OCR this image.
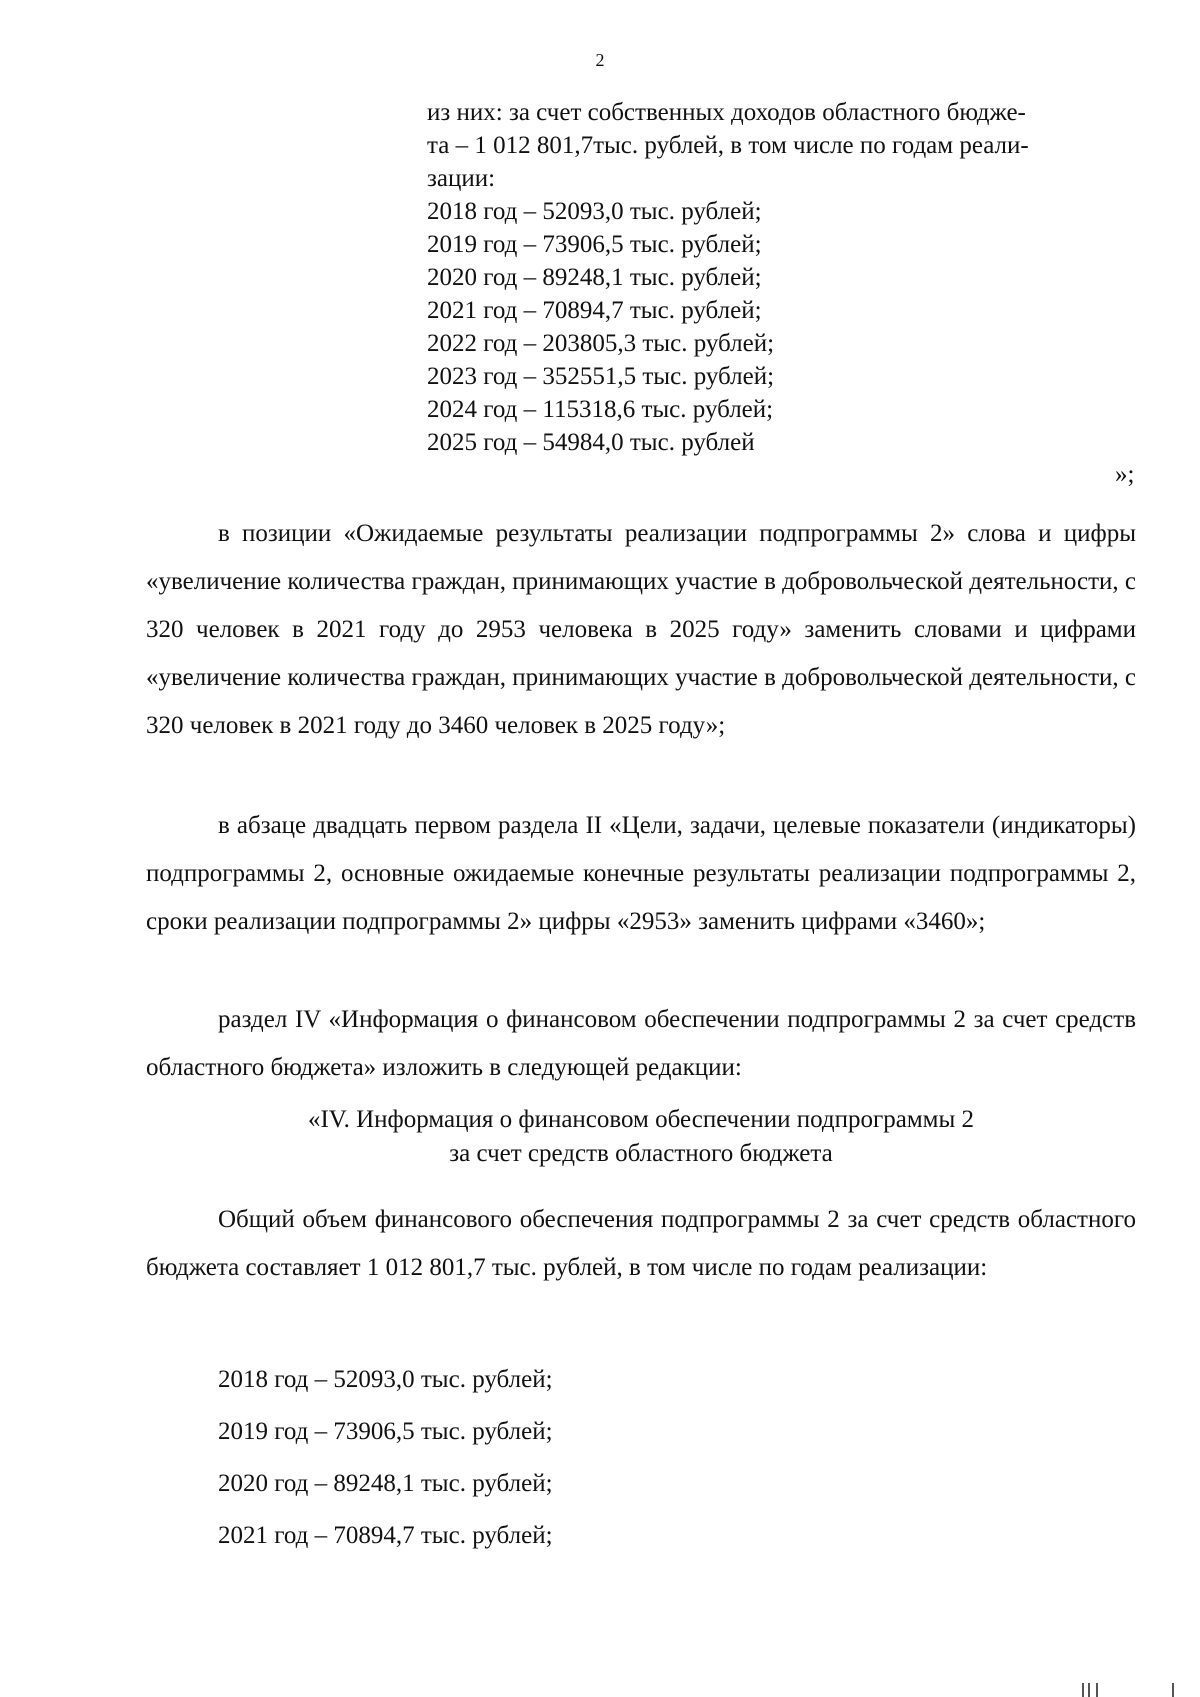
2
из них: за счет собственных доходов областного бюдже-
та – 1 012 801,7тыс. рублей, в том числе по годам реали-
зации:
2018 год – 52093,0 тыс. рублей;
2019 год – 73906,5 тыс. рублей;
2020 год – 89248,1 тыс. рублей;
2021 год – 70894,7 тыс. рублей;
2022 год – 203805,3 тыс. рублей;
2023 год – 352551,5 тыс. рублей;
2024 год – 115318,6 тыс. рублей;
2025 год – 54984,0 тыс. рублей
»;
в позиции «Ожидаемые результаты реализации подпрограммы 2» слова и цифры «увеличение количества граждан, принимающих участие в добровольческой деятельности, с 320 человек в 2021 году до 2953 человека в 2025 году» заменить словами и цифрами «увеличение количества граждан, принимающих участие в добровольческой деятельности, с 320 человек в 2021 году до 3460 человек в 2025 году»;
в абзаце двадцать первом раздела II «Цели, задачи, целевые показатели (индикаторы) подпрограммы 2, основные ожидаемые конечные результаты реализации подпрограммы 2, сроки реализации подпрограммы 2» цифры «2953» заменить цифрами «3460»;
раздел IV «Информация о финансовом обеспечении подпрограммы 2 за счет средств областного бюджета» изложить в следующей редакции:
«IV. Информация о финансовом обеспечении подпрограммы 2
за счет средств областного бюджета
Общий объем финансового обеспечения подпрограммы 2 за счет средств областного бюджета составляет 1 012 801,7 тыс. рублей, в том числе по годам реализации:
2018 год – 52093,0 тыс. рублей;
2019 год – 73906,5 тыс. рублей;
2020 год – 89248,1 тыс. рублей;
2021 год – 70894,7 тыс. рублей;
